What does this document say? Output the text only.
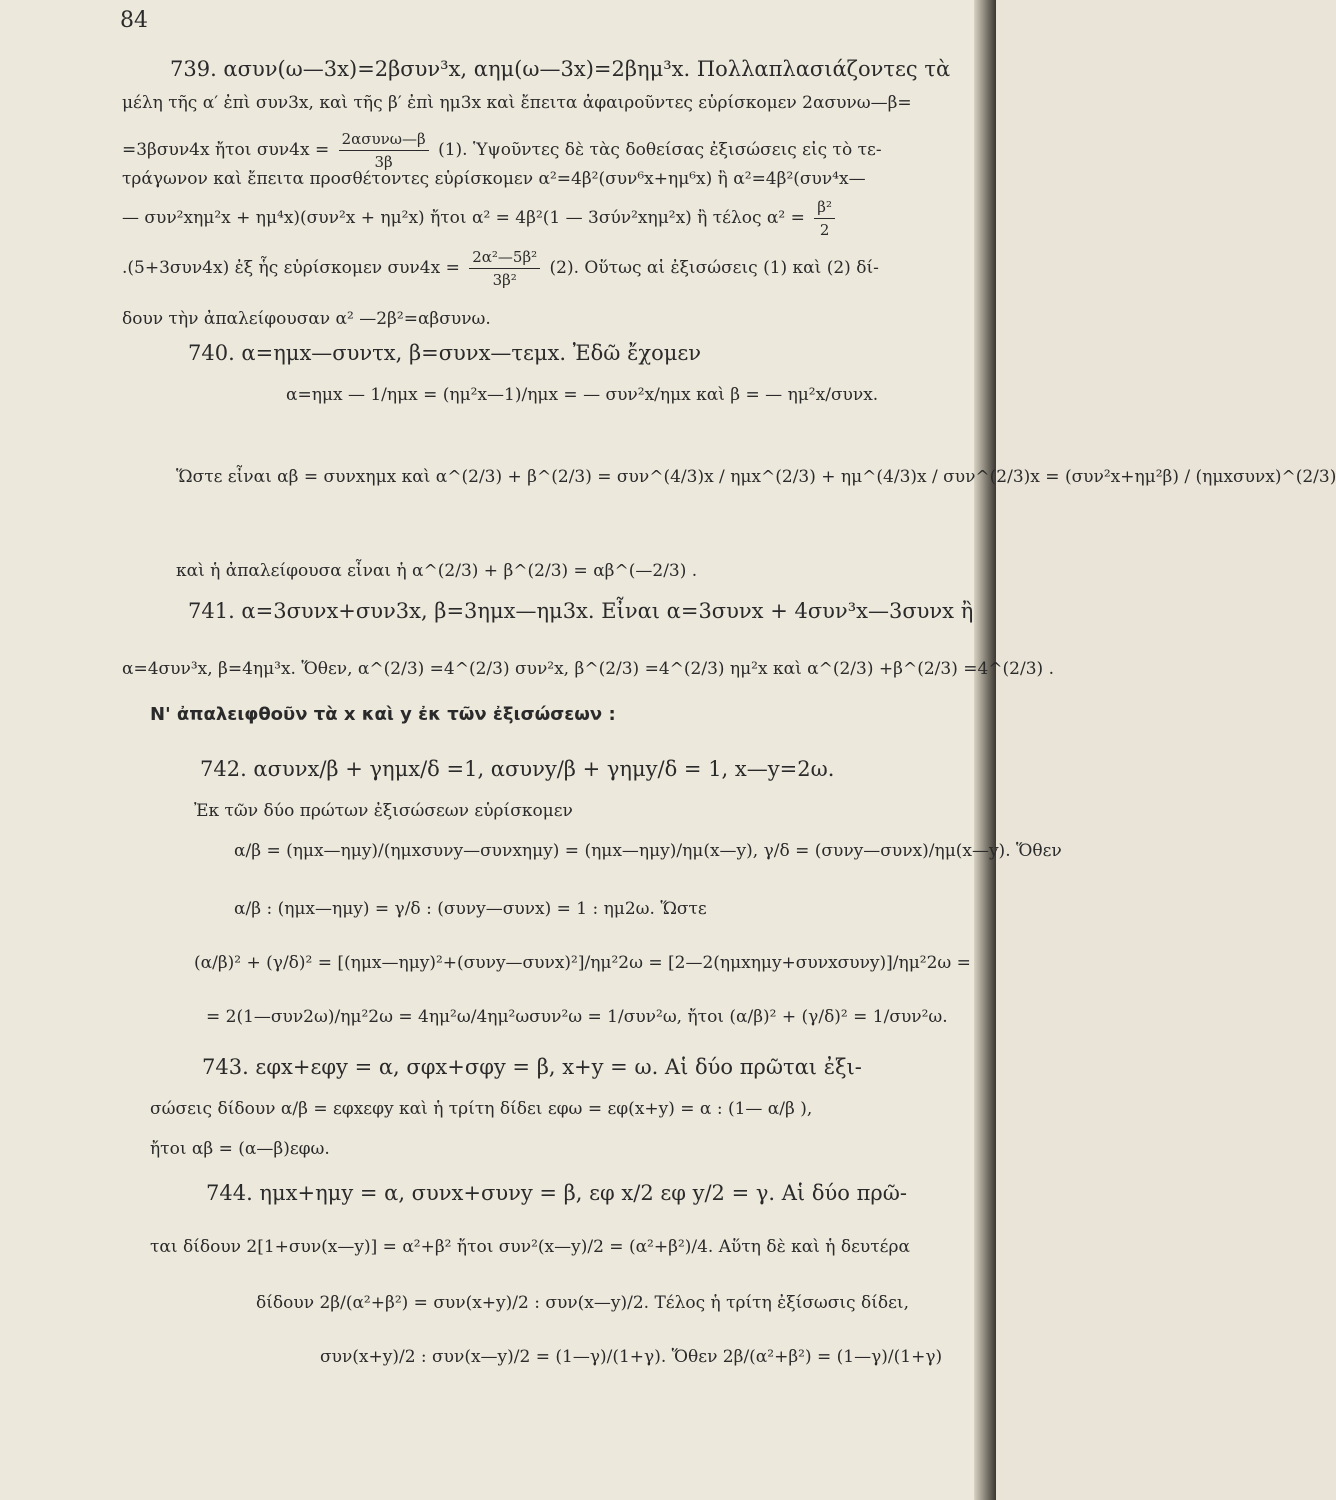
84
739. ασυν(ω—3x)=2βσυν³x, αημ(ω—3x)=2βημ³x. Πολλαπλασιάζοντες τὰ
μέλη τῆς α′ ἐπὶ συν3x, καὶ τῆς β′ ἐπὶ ημ3x καὶ ἔπειτα ἀφαιροῦντες εὑρίσκομεν 2ασυνω—β=
=3βσυν4x ἤτοι $\sigma\upsilon\nu 4x = \frac{\text{2ασυνω—β}}{3\beta} (1)$. Ὑψοῦντες δὲ τὰς δοθείσας ἐξισώσεις εἰς τὸ τε-
τράγωνον καὶ ἔπειτα προσθέτοντες εὑρίσκομεν α²=4β²(συν⁶x+ημ⁶x) ἢ α²=4β²(συν⁴x—
— συν²xημ²x + ημ⁴x)(συν²x + ημ²x) ἤτοι α² = 4β²(1 — 3σύν²xημ²x) ἢ τέλος $\alpha^2 = \frac{\text{β²}}{2}$
.(5+3συν4x) ἐξ ἧς εὑρίσκομεν $\sigma\upsilon\nu 4x = \frac{\text{2α²—5β²}}{\text{3β²}} (2)$. Οὕτως αἱ ἐξισώσεις (1) καὶ (2) δί-
δουν τὴν ἀπαλείφουσαν α² —2β²=αβσυνω.
740. α=ημx—συντx, β=συνx—τεμx. Ἐδῶ ἔχομεν
α=ημx — 1/ημx = (ημ²x—1)/ημx = — συν²x/ημx καὶ β = — ημ²x/συνx.
Ὥστε εἶναι αβ = συνxημx καὶ α^(2/3) + β^(2/3) = συν^(4/3)x / ημx^(2/3) + ημ^(4/3)x / συν^(2/3)x = (συν²x+ημ²β) / (ημxσυνx)^(2/3)
καὶ ἡ ἀπαλείφουσα εἶναι ἡ α^(2/3) + β^(2/3) = αβ^(—2/3) .
741. α=3συνx+συν3x, β=3ημx—ημ3x. Εἶναι α=3συνx + 4συν³x—3συνx ἢ
α=4συν³x, β=4ημ³x. Ὅθεν, α^(2/3) =4^(2/3) συν²x, β^(2/3) =4^(2/3) ημ²x καὶ α^(2/3) +β^(2/3) =4^(2/3) .
Ν' ἀπαλειφθοῦν τὰ x καὶ y ἐκ τῶν ἐξισώσεων :
742. ασυνx/β + γημx/δ =1, ασυνy/β + γημy/δ = 1, x—y=2ω.
Ἐκ τῶν δύο πρώτων ἐξισώσεων εὑρίσκομεν
α/β = (ημx—ημy)/(ημxσυνy—συνxημy) = (ημx—ημy)/ημ(x—y), γ/δ = (συνy—συνx)/ημ(x—y). Ὅθεν
α/β : (ημx—ημy) = γ/δ : (συνy—συνx) = 1 : ημ2ω. Ὥστε
(α/β)² + (γ/δ)² = [(ημx—ημy)²+(συνy—συνx)²]/ημ²2ω = [2—2(ημxημy+συνxσυνy)]/ημ²2ω =
= 2(1—συν2ω)/ημ²2ω = 4ημ²ω/4ημ²ωσυν²ω = 1/συν²ω, ἤτοι (α/β)² + (γ/δ)² = 1/συν²ω.
743. εφx+εφy = α, σφx+σφy = β, x+y = ω. Αἱ δύο πρῶται ἐξι-
σώσεις δίδουν α/β = εφxεφy καὶ ἡ τρίτη δίδει εφω = εφ(x+y) = α : (1— α/β ),
ἤτοι αβ = (α—β)εφω.
744. ημx+ημy = α, συνx+συνy = β, εφ x/2 εφ y/2 = γ. Αἱ δύο πρῶ-
ται δίδουν 2[1+συν(x—y)] = α²+β² ἤτοι συν²(x—y)/2 = (α²+β²)/4. Αὕτη δὲ καὶ ἡ δευτέρα
δίδουν 2β/(α²+β²) = συν(x+y)/2 : συν(x—y)/2. Τέλος ἡ τρίτη ἐξίσωσις δίδει,
συν(x+y)/2 : συν(x—y)/2 = (1—γ)/(1+γ). Ὅθεν 2β/(α²+β²) = (1—γ)/(1+γ)
